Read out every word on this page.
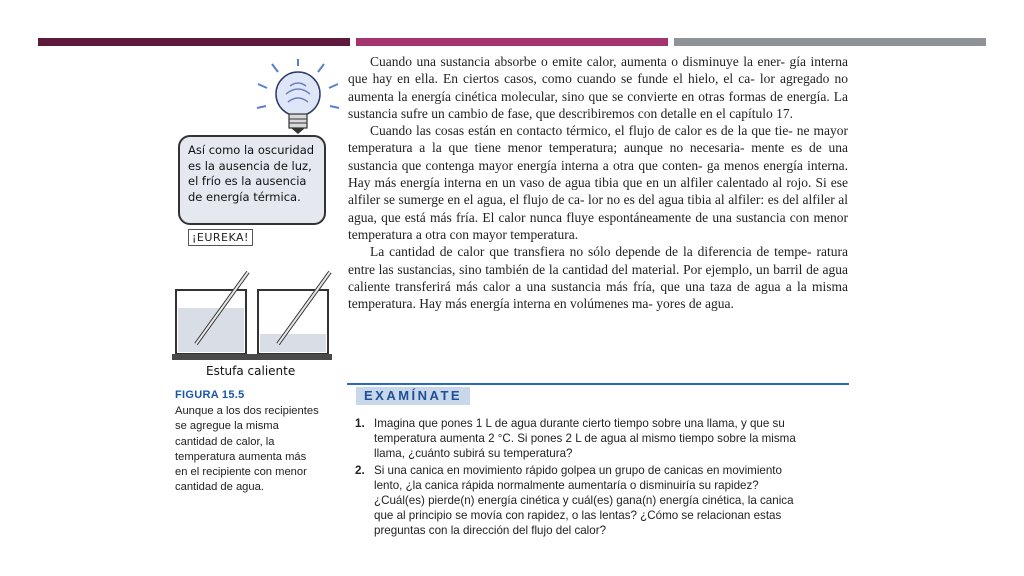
Así como la oscuridad
es la ausencia de luz,
el frío es la ausencia
de energía térmica.
¡EUREKA!
Estufa caliente
FIGURA 15.5
Aunque a los dos recipientes
se agregue la misma
cantidad de calor, la
temperatura aumenta más
en el recipiente con menor
cantidad de agua.

Cuando una sustancia absorbe o emite calor, aumenta o disminuye la ener- gía interna que hay en ella. En ciertos casos, como cuando se funde el hielo, el ca- lor agregado no aumenta la energía cinética molecular, sino que se convierte en otras formas de energía. La sustancia sufre un cambio de fase, que describiremos con detalle en el capítulo 17.

Cuando las cosas están en contacto térmico, el flujo de calor es de la que tie- ne mayor temperatura a la que tiene menor temperatura; aunque no necesaria- mente es de una sustancia que contenga mayor energía interna a otra que conten- ga menos energía interna. Hay más energía interna en un vaso de agua tibia que en un alfiler calentado al rojo. Si ese alfiler se sumerge en el agua, el flujo de ca- lor no es del agua tibia al alfiler: es del alfiler al agua, que está más fría. El calor nunca fluye espontáneamente de una sustancia con menor temperatura a otra con mayor temperatura.

La cantidad de calor que transfiera no sólo depende de la diferencia de tempe- ratura entre las sustancias, sino también de la cantidad del material. Por ejemplo, un barril de agua caliente transferirá más calor a una sustancia más fría, que una taza de agua a la misma temperatura. Hay más energía interna en volúmenes ma- yores de agua.

EXAMÍNATE
1. Imagina que pones 1 L de agua durante cierto tiempo sobre una llama, y que su
temperatura aumenta 2 °C. Si pones 2 L de agua al mismo tiempo sobre la misma
llama, ¿cuánto subirá su temperatura?
2. Si una canica en movimiento rápido golpea un grupo de canicas en movimiento
lento, ¿la canica rápida normalmente aumentaría o disminuiría su rapidez?
¿Cuál(es) pierde(n) energía cinética y cuál(es) gana(n) energía cinética, la canica
que al principio se movía con rapidez, o las lentas? ¿Cómo se relacionan estas
preguntas con la dirección del flujo del calor?
